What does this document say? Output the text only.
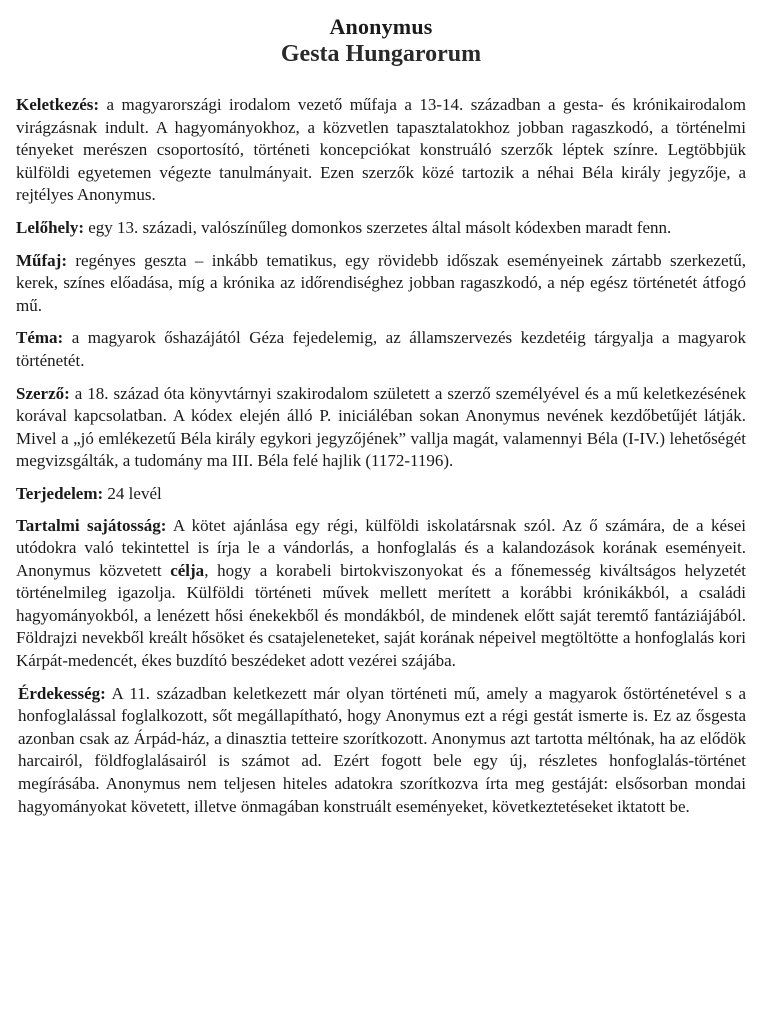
Anonymus
Gesta Hungarorum

Keletkezés: a magyarországi irodalom vezető műfaja a 13-14. században a gesta- és krónikairodalom virágzásnak indult. A hagyományokhoz, a közvetlen tapasztalatokhoz jobban ragaszkodó, a történelmi tényeket merészen csoportosító, történeti koncepciókat konstruáló szerzők léptek színre. Legtöbbjük külföldi egyetemen végezte tanulmányait. Ezen szerzők közé tartozik a néhai Béla király jegyzője, a rejtélyes Anonymus.

Lelőhely: egy 13. századi, valószínűleg domonkos szerzetes által másolt kódexben maradt fenn.

Műfaj: regényes geszta – inkább tematikus, egy rövidebb időszak eseményeinek zártabb szerkezetű, kerek, színes előadása, míg a krónika az időrendiséghez jobban ragaszkodó, a nép egész történetét átfogó mű.

Téma: a magyarok őshazájától Géza fejedelemig, az államszervezés kezdetéig tárgyalja a magyarok történetét.

Szerző: a 18. század óta könyvtárnyi szakirodalom született a szerző személyével és a mű keletkezésének korával kapcsolatban. A kódex elején álló P. iniciáléban sokan Anonymus nevének kezdőbetűjét látják. Mivel a „jó emlékezetű Béla király egykori jegyzőjének” vallja magát, valamennyi Béla (I-IV.) lehetőségét megvizsgálták, a tudomány ma III. Béla felé hajlik (1172-1196).

Terjedelem: 24 levél

Tartalmi sajátosság: A kötet ajánlása egy régi, külföldi iskolatársnak szól. Az ő számára, de a kései utódokra való tekintettel is írja le a vándorlás, a honfoglalás és a kalandozások korának eseményeit. Anonymus közvetett célja, hogy a korabeli birtokviszonyokat és a főnemesség kiváltságos helyzetét történelmileg igazolja. Külföldi történeti művek mellett merített a korábbi krónikákból, a családi hagyományokból, a lenézett hősi énekekből és mondákból, de mindenek előtt saját teremtő fantáziájából. Földrajzi nevekből kreált hősöket és csatajeleneteket, saját korának népeivel megtöltötte a honfoglalás kori Kárpát-medencét, ékes buzdító beszédeket adott vezérei szájába.

Érdekesség: A 11. században keletkezett már olyan történeti mű, amely a magyarok őstörténetével s a honfoglalással foglalkozott, sőt megállapítható, hogy Anonymus ezt a régi gestát ismerte is. Ez az ősgesta azonban csak az Árpád-ház, a dinasztia tetteire szorítkozott. Anonymus azt tartotta méltónak, ha az elődök harcairól, földfoglalásairól is számot ad. Ezért fogott bele egy új, részletes honfoglalás-történet megírásába. Anonymus nem teljesen hiteles adatokra szorítkozva írta meg gestáját: elsősorban mondai hagyományokat követett, illetve önmagában konstruált eseményeket, következtetéseket iktatott be.
